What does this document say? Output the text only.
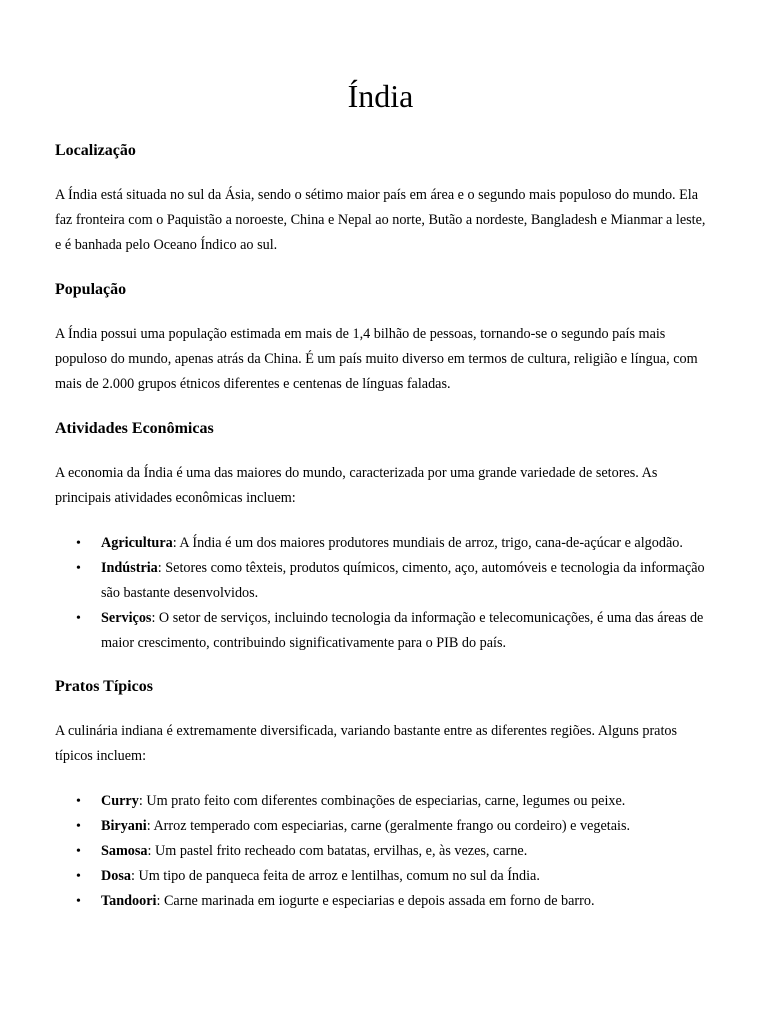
Índia
Localização

A Índia está situada no sul da Ásia, sendo o sétimo maior país em área e o segundo mais populoso do mundo. Ela faz fronteira com o Paquistão a noroeste, China e Nepal ao norte, Butão a nordeste, Bangladesh e Mianmar a leste, e é banhada pelo Oceano Índico ao sul.

População

A Índia possui uma população estimada em mais de 1,4 bilhão de pessoas, tornando-se o segundo país mais populoso do mundo, apenas atrás da China. É um país muito diverso em termos de cultura, religião e língua, com mais de 2.000 grupos étnicos diferentes e centenas de línguas faladas.

Atividades Econômicas

A economia da Índia é uma das maiores do mundo, caracterizada por uma grande variedade de setores. As principais atividades econômicas incluem:

• Agricultura: A Índia é um dos maiores produtores mundiais de arroz, trigo, cana-de-açúcar e algodão.
• Indústria: Setores como têxteis, produtos químicos, cimento, aço, automóveis e tecnologia da informação são bastante desenvolvidos.
• Serviços: O setor de serviços, incluindo tecnologia da informação e telecomunicações, é uma das áreas de maior crescimento, contribuindo significativamente para o PIB do país.
Pratos Típicos

A culinária indiana é extremamente diversificada, variando bastante entre as diferentes regiões. Alguns pratos típicos incluem:

• Curry: Um prato feito com diferentes combinações de especiarias, carne, legumes ou peixe.
• Biryani: Arroz temperado com especiarias, carne (geralmente frango ou cordeiro) e vegetais.
• Samosa: Um pastel frito recheado com batatas, ervilhas, e, às vezes, carne.
• Dosa: Um tipo de panqueca feita de arroz e lentilhas, comum no sul da Índia.
• Tandoori: Carne marinada em iogurte e especiarias e depois assada em forno de barro.
